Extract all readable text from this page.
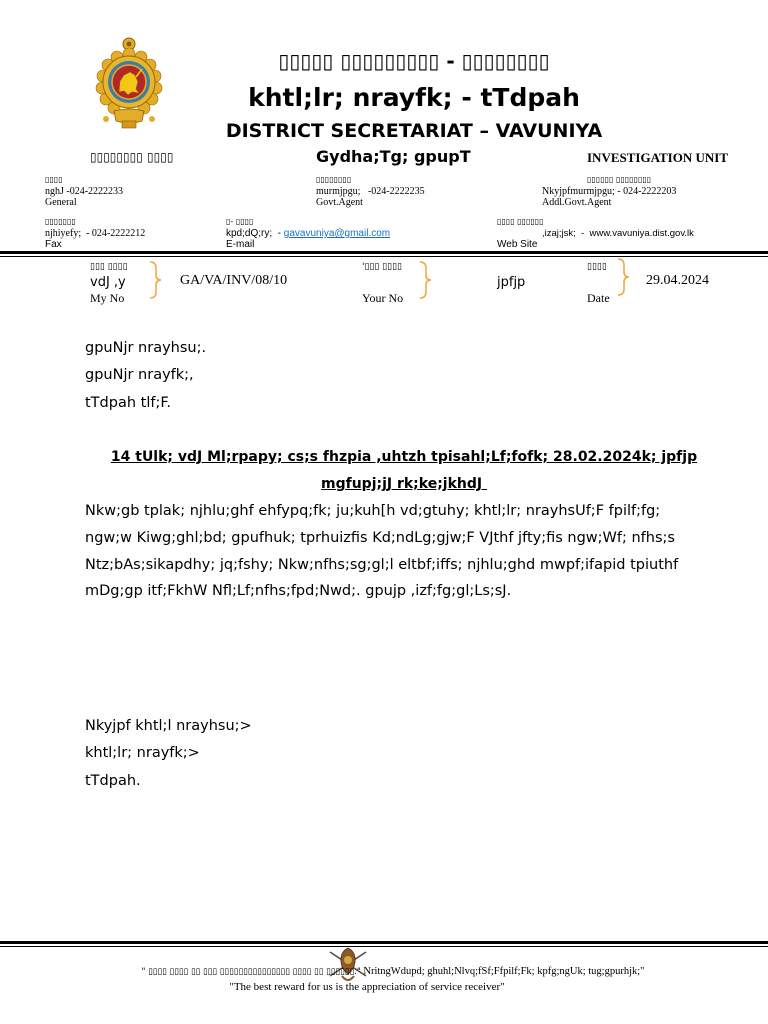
▯▯▯▯▯ ▯▯▯▯▯▯▯▯▯ - ▯▯▯▯▯▯▯▯
khtl;lr; nrayfk; - tTdpah
DISTRICT SECRETARIAT – VAVUNIYA
▯▯▯▯▯▯▯▯ ▯▯▯▯	Gydha;Tg; gpupT	INVESTIGATION UNIT
▯▯▯▯
nghJ -024-2222233
General
▯▯▯▯▯▯▯▯
murmjpgu;   -024-2222235
Govt.Agent
▯▯▯▯▯▯ ▯▯▯▯▯▯▯▯
Nkyjpfmurmjpgu; - 024-2222203
Addl.Govt.Agent
▯▯▯▯▯▯▯
njhiyefy;  - 024-2222212
Fax
▯- ▯▯▯▯
kpd;dQ;ry;  - gavavuniya@gmail.com
E-mail
▯▯▯▯ ▯▯▯▯▯▯
,izaj;jsk;  -  www.vavuniya.dist.gov.lk
Web Site
▯▯▯ ▯▯▯▯
vdJ ,y
My No
GA/VA/INV/08/10
'▯▯▯ ▯▯▯▯
Your No
jpfjp
▯▯▯▯
Date
29.04.2024
gpuNjr nrayhsu;.
gpuNjr nrayfk;,
tTdpah tlf;F.
14 tUlk; vdJ Ml;rpapy; cs;s fhzpia ,uhtzh tpisahl;Lf;fofk; 28.02.2024k; jpfjp
mgfupj;jJ rk;ke;jkhdJ
Nkw;gb tplak; njhlu;ghf ehfypq;fk; ju;kuh[h vd;gtuhy; khtl;lr; nrayhsUf;F fpilf;fg;
ngw;w Kiwg;ghl;bd; gpufhuk; tprhuizfis Kd;ndLg;gjw;F VJthf jfty;fis ngw;Wf; nfhs;s
Ntz;bAs;sikapdhy; jq;fshy; Nkw;nfhs;sg;gl;l eltbf;iffs; njhlu;ghd mwpf;ifapid tpiuthf
mDg;gp itf;FkhW Nfl;Lf;nfhs;fpd;Nwd;. gpujp ,izf;fg;gl;Ls;sJ.
Nkyjpf khtl;l nrayhsu;>
khtl;lr; nrayfk;>
tTdpah.
" ▯▯▯▯ ▯▯▯▯ ▯▯ ▯▯▯ ▯▯▯▯▯▯▯▯▯▯▯▯▯▯▯ ▯▯▯▯ ▯▯ ▯▯▯▯▯▯." NritngWdupd; ghuhl;Nlvq;fSf;Ffpilf;Fk; kpfg;ngUk; tug;gpurhjk;"
"The best reward for us is the appreciation of service receiver"
